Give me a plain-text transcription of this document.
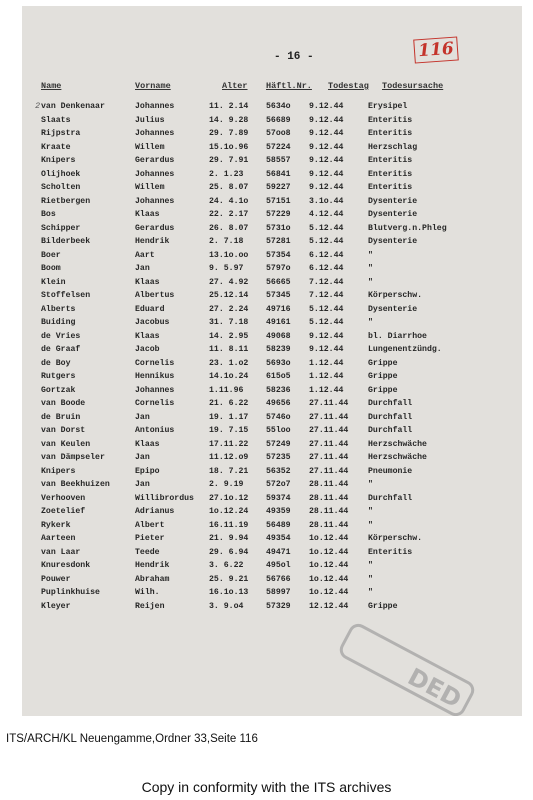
- 16 -	116
Name	Vorname	Alter Häftl.Nr. Todestag Todesursache
2 van Denkenaar	Johannes	11. 2.14	5634o	9.12.44	Erysipel
Slaats	Julius	14. 9.28	56689	9.12.44	Enteritis
Rijpstra	Johannes	29. 7.89	57oo8	9.12.44	Enteritis
Kraate	Willem	15.1o.96	57224	9.12.44	Herzschlag
Knipers	Gerardus	29. 7.91	58557	9.12.44	Enteritis
Olijhoek	Johannes	2. 1.23	56841	9.12.44	Enteritis
Scholten	Willem	25. 8.07	59227	9.12.44	Enteritis
Rietbergen	Johannes	24. 4.1o	57151	3.1o.44	Dysenterie
Bos	Klaas	22. 2.17	57229	4.12.44	Dysenterie
Schipper	Gerardus	26. 8.07	5731o	5.12.44	Blutverg.n.Phleg
Bilderbeek	Hendrik	2. 7.18	57281	5.12.44	Dysenterie
Boer	Aart	13.1o.oo	57354	6.12.44	"
Boom	Jan	9. 5.97	5797o	6.12.44	"
Klein	Klaas	27. 4.92	56665	7.12.44	"
Stoffelsen	Albertus	25.12.14	57345	7.12.44	Körperschw.
Alberts	Eduard	27. 2.24	49716	5.12.44	Dysenterie
Buiding	Jacobus	31. 7.18	49161	5.12.44	"
de Vries	Klaas	14. 2.95	49068	9.12.44	bl. Diarrhoe
de Graaf	Jacob	11. 8.11	58239	9.12.44	Lungenentzündg.
de Boy	Cornelis	23. 1.o2	5693o	1.12.44	Grippe
Rutgers	Hennikus	14.1o.24	615o5	1.12.44	Grippe
Gortzak	Johannes	1.11.96	58236	1.12.44	Grippe
van Boode	Cornelis	21. 6.22	49656	27.11.44	Durchfall
de Bruin	Jan	19. 1.17	5746o	27.11.44	Durchfall
van Dorst	Antonius	19. 7.15	55loo	27.11.44	Durchfall
van Keulen	Klaas	17.11.22	57249	27.11.44	Herzschwäche
van Dämpseler	Jan	11.12.o9	57235	27.11.44	Herzschwäche
Knipers	Epipo	18. 7.21	56352	27.11.44	Pneumonie
van Beekhuizen	Jan	2. 9.19	572o7	28.11.44	"
Verhooven	Willibrordus	27.1o.12	59374	28.11.44	Durchfall
Zoetelief	Adrianus	1o.12.24	49359	28.11.44	"
Rykerk	Albert	16.11.19	56489	28.11.44	"
Aarteen	Pieter	21. 9.94	49354	1o.12.44	Körperschw.
van Laar	Teede	29. 6.94	49471	1o.12.44	Enteritis
Knuresdonk	Hendrik	3. 6.22	495ol	1o.12.44	"
Pouwer	Abraham	25. 9.21	56766	1o.12.44	"
Puplinkhuise	Wilh.	16.1o.13	58997	1o.12.44	"
Kleyer	Reijen	3. 9.o4	57329	12.12.44	Grippe
DED
ITS/ARCH/KL Neuengamme,Ordner 33,Seite 116
Copy in conformity with the ITS archives
